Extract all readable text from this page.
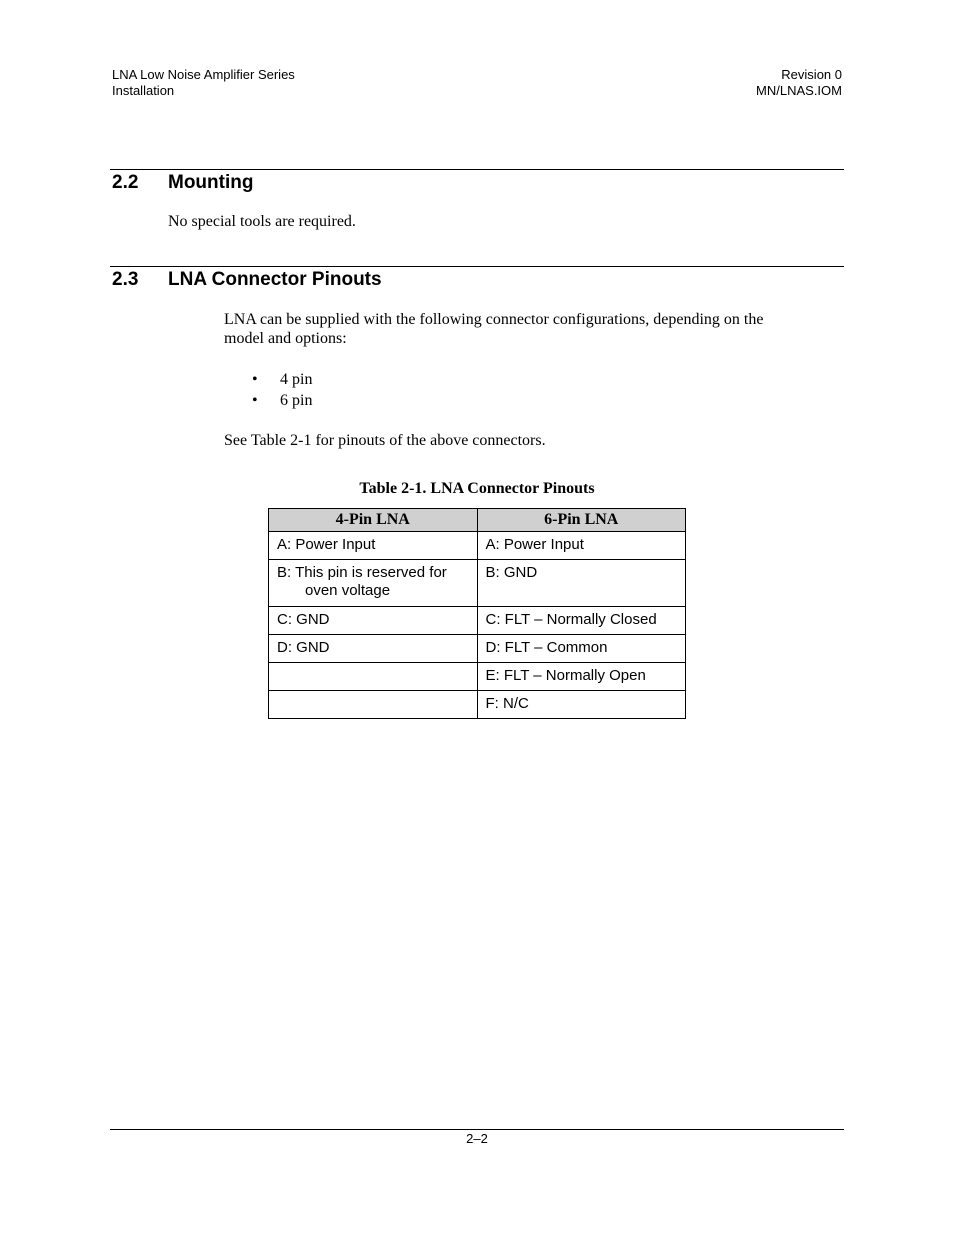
LNA Low Noise Amplifier Series
Installation
Revision 0
MN/LNAS.IOM
2.2 Mounting
No special tools are required.
2.3 LNA Connector Pinouts
LNA can be supplied with the following connector configurations, depending on the
model and options:
• 4 pin
• 6 pin
See Table 2-1 for pinouts of the above connectors.
Table 2-1. LNA Connector Pinouts
4-Pin LNA	6-Pin LNA
A: Power Input	A: Power Input
B: This pin is reserved for
oven voltage	B: GND
C: GND	C: FLT – Normally Closed
D: GND	D: FLT – Common
	E: FLT – Normally Open
	F: N/C
2–2
